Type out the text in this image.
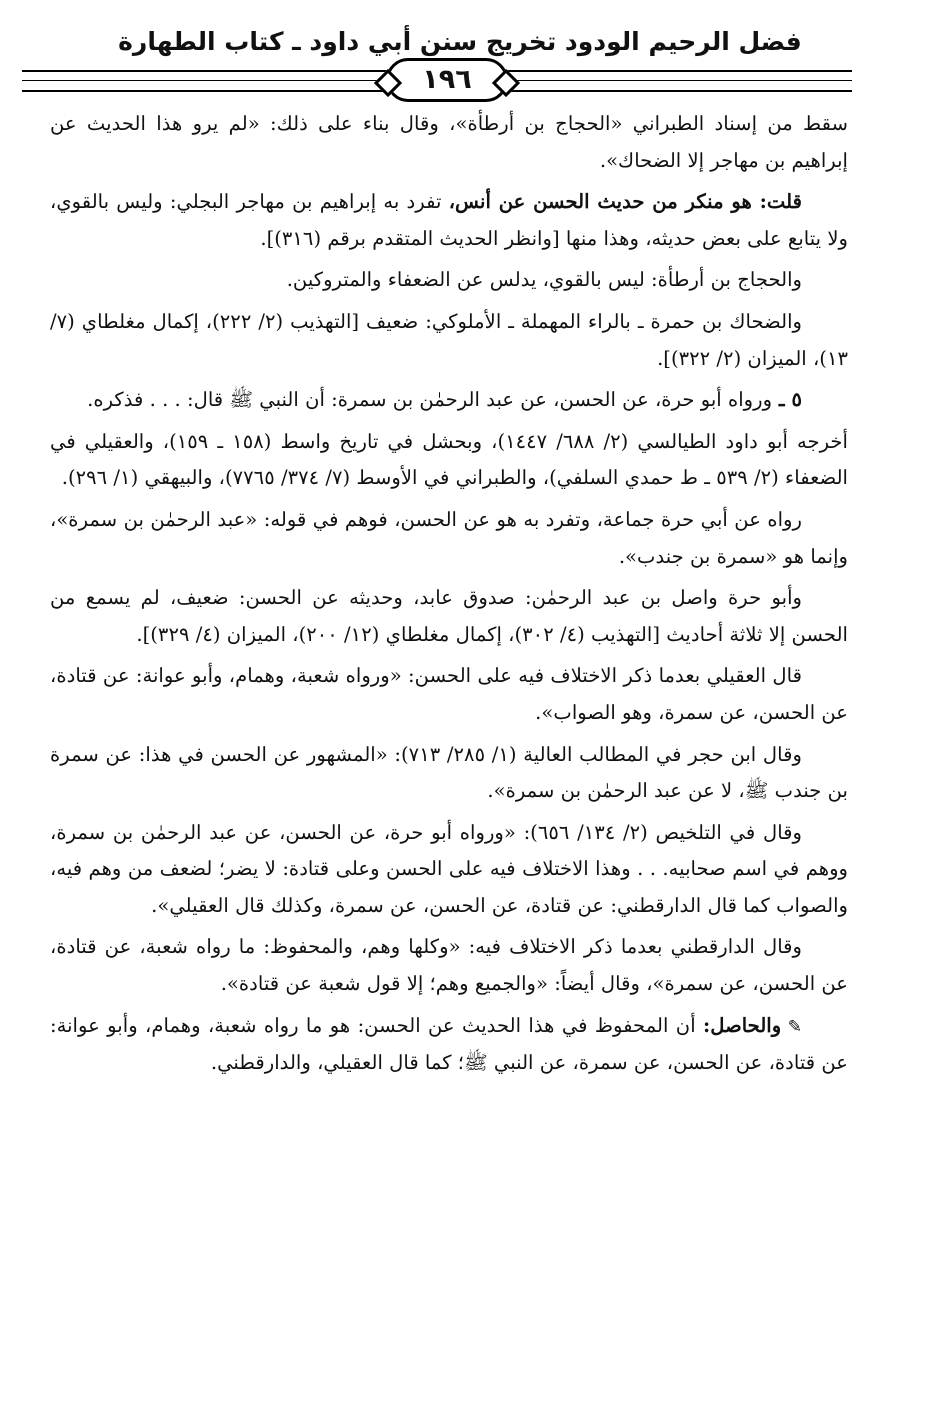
فضل الرحيم الودود تخريج سنن أبي داود ـ كتاب الطهارة
١٩٦

سقط من إسناد الطبراني «الحجاج بن أرطأة»، وقال بناء على ذلك: «لم يرو هذا الحديث عن إبراهيم بن مهاجر إلا الضحاك».

قلت: هو منكر من حديث الحسن عن أنس، تفرد به إبراهيم بن مهاجر البجلي: وليس بالقوي، ولا يتابع على بعض حديثه، وهذا منها [وانظر الحديث المتقدم برقم (٣١٦)].

والحجاج بن أرطأة: ليس بالقوي، يدلس عن الضعفاء والمتروكين.

والضحاك بن حمرة ـ بالراء المهملة ـ الأملوكي: ضعيف [التهذيب (٢/ ٢٢٢)، إكمال مغلطاي (٧/ ١٣)، الميزان (٢/ ٣٢٢)].

٥ ـ ورواه أبو حرة، عن الحسن، عن عبد الرحمٰن بن سمرة: أن النبي ﷺ قال: . . . فذكره.

أخرجه أبو داود الطيالسي (٢/ ٦٨٨/ ١٤٤٧)، وبحشل في تاريخ واسط (١٥٨ ـ ١٥٩)، والعقيلي في الضعفاء (٢/ ٥٣٩ ـ ط حمدي السلفي)، والطبراني في الأوسط (٧/ ٣٧٤/ ٧٧٦٥)، والبيهقي (١/ ٢٩٦).

رواه عن أبي حرة جماعة، وتفرد به هو عن الحسن، فوهم في قوله: «عبد الرحمٰن بن سمرة»، وإنما هو «سمرة بن جندب».

وأبو حرة واصل بن عبد الرحمٰن: صدوق عابد، وحديثه عن الحسن: ضعيف، لم يسمع من الحسن إلا ثلاثة أحاديث [التهذيب (٤/ ٣٠٢)، إكمال مغلطاي (١٢/ ٢٠٠)، الميزان (٤/ ٣٢٩)].

قال العقيلي بعدما ذكر الاختلاف فيه على الحسن: «ورواه شعبة، وهمام، وأبو عوانة: عن قتادة، عن الحسن، عن سمرة، وهو الصواب».

وقال ابن حجر في المطالب العالية (١/ ٢٨٥/ ٧١٣): «المشهور عن الحسن في هذا: عن سمرة بن جندب ﷺ، لا عن عبد الرحمٰن بن سمرة».

وقال في التلخيص (٢/ ١٣٤/ ٦٥٦): «ورواه أبو حرة، عن الحسن، عن عبد الرحمٰن بن سمرة، ووهم في اسم صحابيه. . . وهذا الاختلاف فيه على الحسن وعلى قتادة: لا يضر؛ لضعف من وهم فيه، والصواب كما قال الدارقطني: عن قتادة، عن الحسن، عن سمرة، وكذلك قال العقيلي».

وقال الدارقطني بعدما ذكر الاختلاف فيه: «وكلها وهم، والمحفوظ: ما رواه شعبة، عن قتادة، عن الحسن، عن سمرة»، وقال أيضاً: «والجميع وهم؛ إلا قول شعبة عن قتادة».

✎ والحاصل: أن المحفوظ في هذا الحديث عن الحسن: هو ما رواه شعبة، وهمام، وأبو عوانة: عن قتادة، عن الحسن، عن سمرة، عن النبي ﷺ؛ كما قال العقيلي، والدارقطني.
